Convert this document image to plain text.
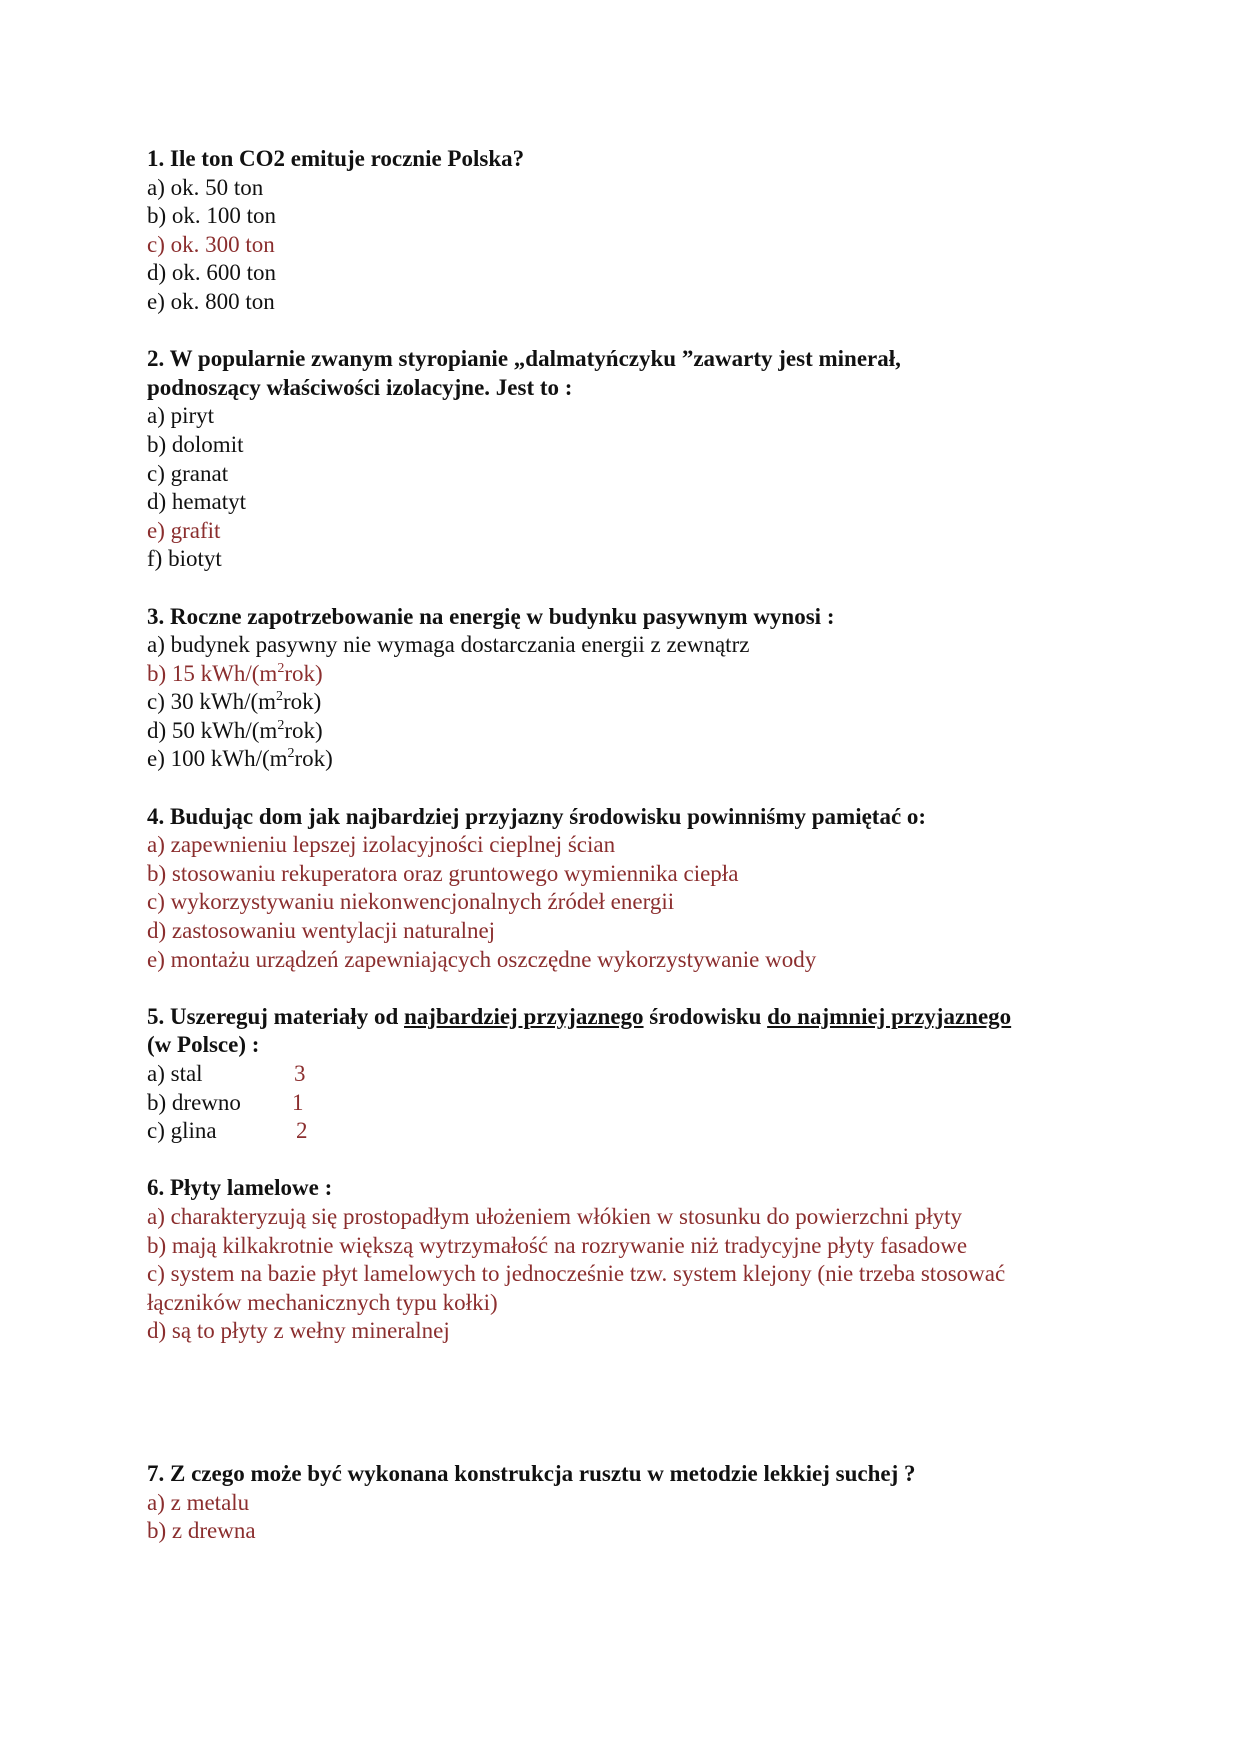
1. Ile ton CO2 emituje rocznie Polska?
a) ok. 50 ton
b) ok. 100 ton
c) ok. 300 ton
d) ok. 600 ton
e) ok. 800 ton
2. W popularnie zwanym styropianie „dalmatyńczyku ”zawarty jest minerał,
podnoszący właściwości izolacyjne. Jest to :
a) piryt
b) dolomit
c) granat
d) hematyt
e) grafit
f) biotyt
3. Roczne zapotrzebowanie na energię w budynku pasywnym wynosi :
a) budynek pasywny nie wymaga dostarczania energii z zewnątrz
b) 15 kWh/$(m^2rok)$
c) 30 kWh/$(m^2rok)$
d) 50 kWh/$(m^2rok)$
e) 100 kWh/$(m^2rok)$
4. Budując dom jak najbardziej przyjazny środowisku powinniśmy pamiętać o:
a) zapewnieniu lepszej izolacyjności cieplnej ścian
b) stosowaniu rekuperatora oraz gruntowego wymiennika ciepła
c) wykorzystywaniu niekonwencjonalnych źródeł energii
d) zastosowaniu wentylacji naturalnej
e) montażu urządzeń zapewniających oszczędne wykorzystywanie wody
5. Uszereguj materiały od najbardziej przyjaznego środowisku do najmniej przyjaznego
(w Polsce) :
a) stal	3
b) drewno 1
c) glina	2
6. Płyty lamelowe :
a) charakteryzują się prostopadłym ułożeniem włókien w stosunku do powierzchni płyty
b) mają kilkakrotnie większą wytrzymałość na rozrywanie niż tradycyjne płyty fasadowe
c) system na bazie płyt lamelowych to jednocześnie tzw. system klejony (nie trzeba stosować
łączników mechanicznych typu kołki)
d) są to płyty z wełny mineralnej
7. Z czego może być wykonana konstrukcja rusztu w metodzie lekkiej suchej ?
a) z metalu
b) z drewna
